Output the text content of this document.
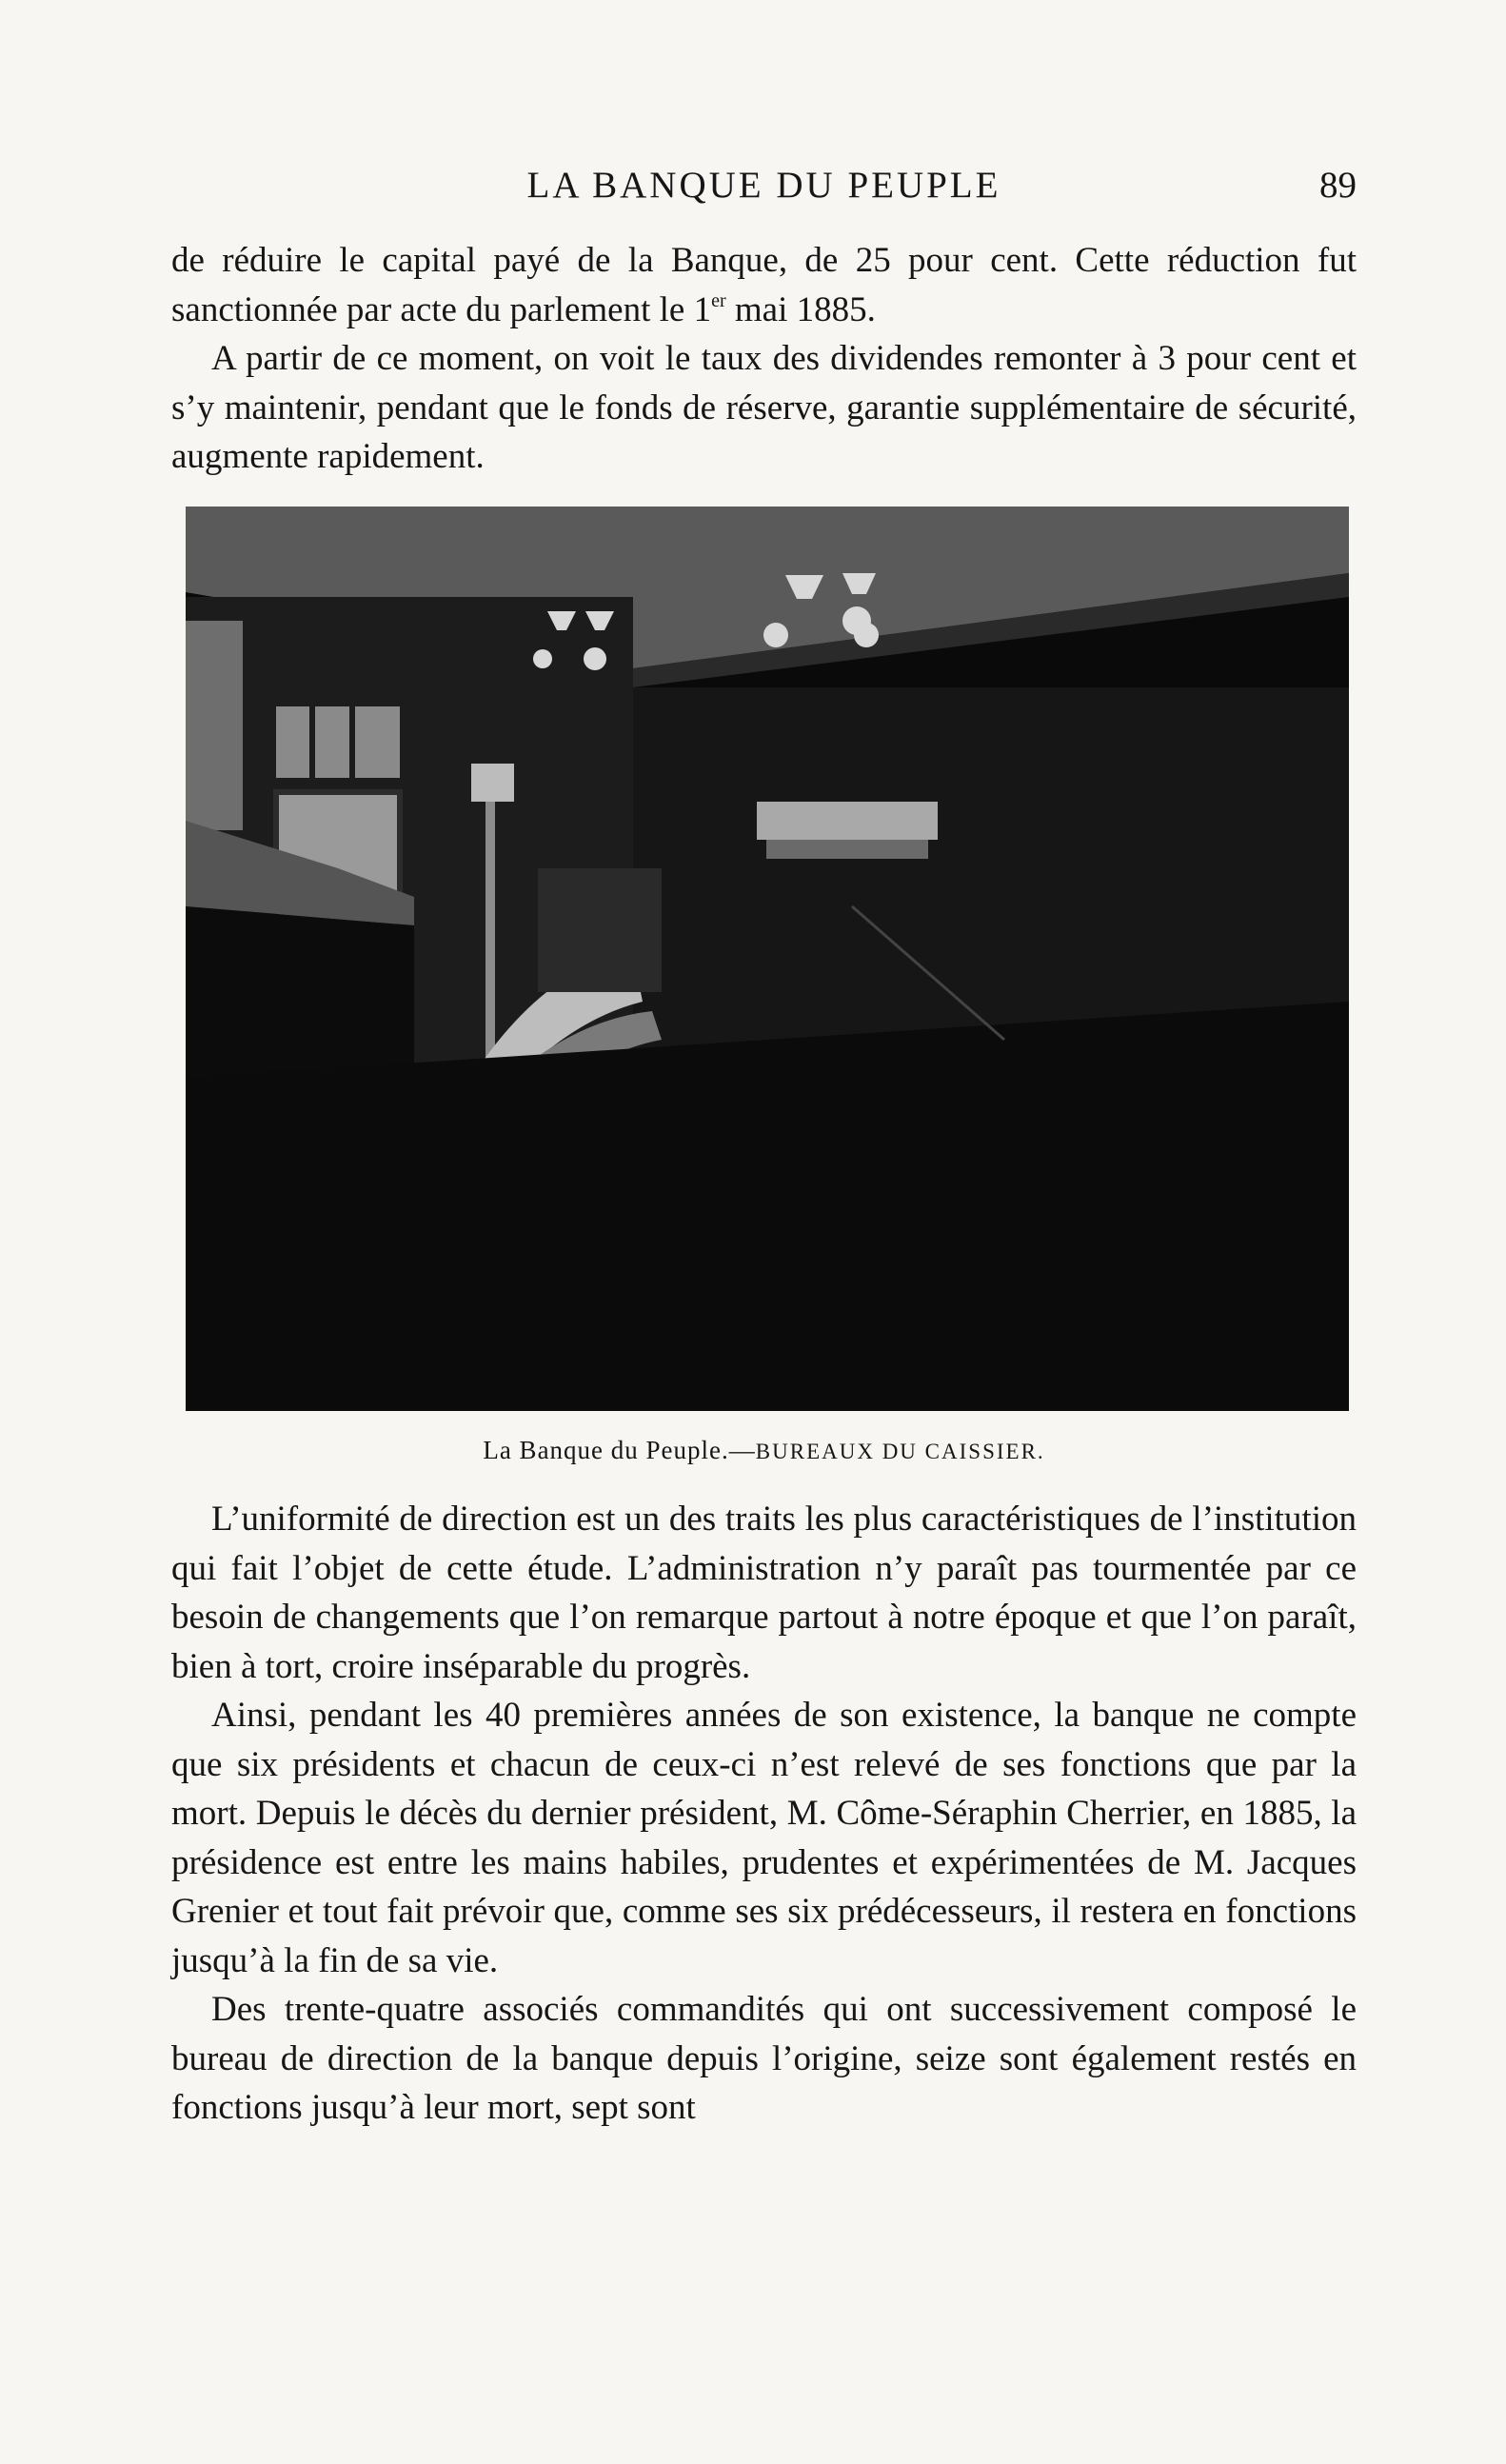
LA BANQUE DU PEUPLE	89

de réduire le capital payé de la Banque, de 25 pour cent. Cette réduction fut sanctionnée par acte du parlement le 1er mai 1885.

A partir de ce moment, on voit le taux des dividendes remonter à 3 pour cent et s’y maintenir, pendant que le fonds de réserve, garantie supplémentaire de sécurité, augmente rapidement.

La Banque du Peuple.—BUREAUX DU CAISSIER.

L’uniformité de direction est un des traits les plus caractéristiques de l’institution qui fait l’objet de cette étude. L’administration n’y paraît pas tourmentée par ce besoin de changements que l’on remarque partout à notre époque et que l’on paraît, bien à tort, croire inséparable du progrès.

Ainsi, pendant les 40 premières années de son existence, la banque ne compte que six présidents et chacun de ceux-ci n’est relevé de ses fonctions que par la mort. Depuis le décès du dernier président, M. Côme-Séraphin Cherrier, en 1885, la présidence est entre les mains habiles, prudentes et expérimentées de M. Jacques Grenier et tout fait prévoir que, comme ses six prédécesseurs, il restera en fonctions jusqu’à la fin de sa vie.

Des trente-quatre associés commandités qui ont successivement composé le bureau de direction de la banque depuis l’origine, seize sont également restés en fonctions jusqu’à leur mort, sept sont
